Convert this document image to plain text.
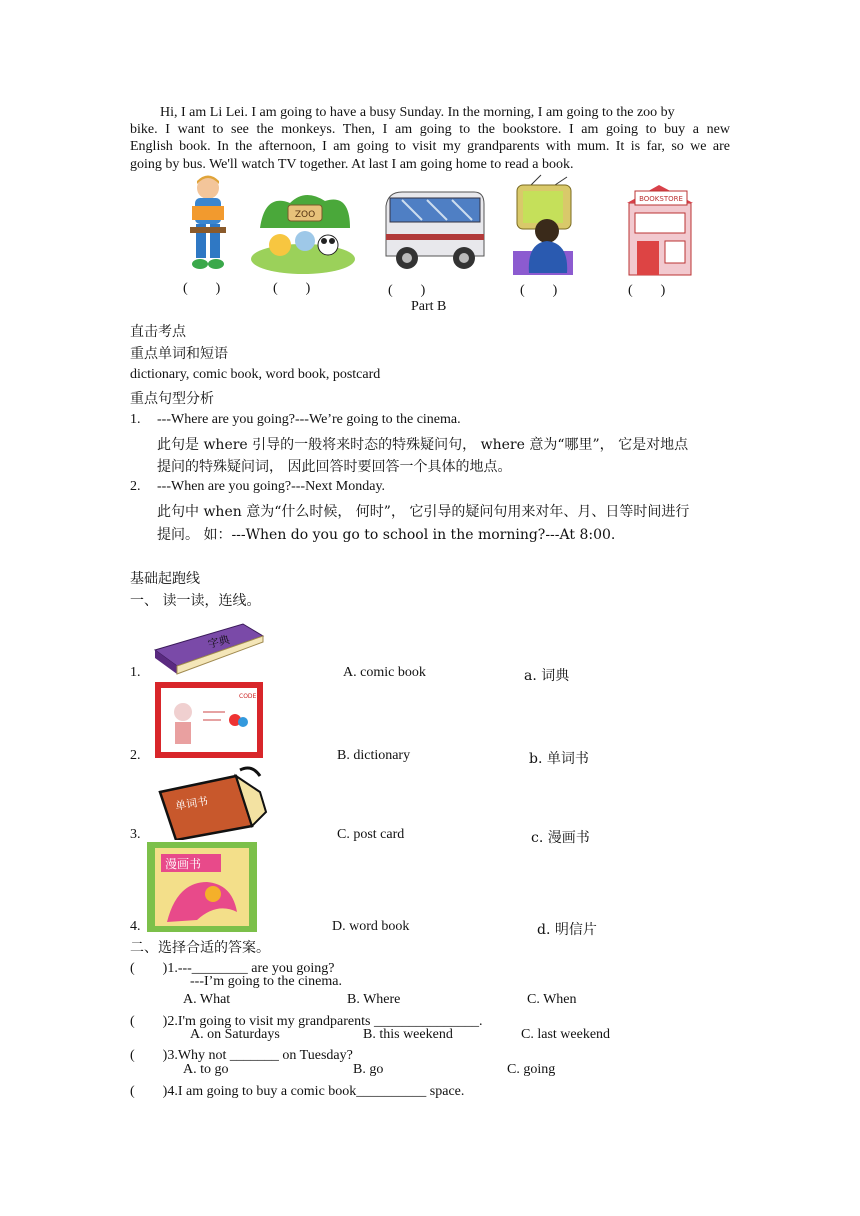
Hi, I am Li Lei. I am going to have a busy Sunday. In the morning, I am going to the zoo by
bike. I want to see the monkeys. Then, I am going to the bookstore. I am going to buy a new
English book. In the afternoon, I am going to visit my grandparents with mum. It is far, so we are
going by bus. We'll watch TV together. At last I am going home to read a book.
ZOO
BOOKSTORE
(　　)	(　　)	(　　)	(　　)	(　　)
Part B
直击考点
重点单词和短语
dictionary, comic book, word book, postcard
重点句型分析
1. ---Where are you going?---We’re going to the cinema.
此句是 where 引导的一般将来时态的特殊疑问句， where 意为“哪里”， 它是对地点
提问的特殊疑问词， 因此回答时要回答一个具体的地点。
2. ---When are you going?---Next Monday.
此句中 when 意为“什么时候， 何时”， 它引导的疑问句用来对年、月、日等时间进行
提问。 如：---When do you go to school in the morning?---At 8:00.
基础起跑线
一、 读一读，连线。
字典
CODE
单词书
漫画书
1.	A. comic book	a. 词典
2.	B. dictionary	b. 单词书
3.	C. post card	c. 漫画书
4.	D. word book	d. 明信片
二、选择合适的答案。
(　　)1.---________ are you going?
---I’m going to the cinema.
A. What	B. Where	C. When
(　　)2.I'm going to visit my grandparents _______________.
A. on Saturdays	B. this weekend	C. last weekend
(　　)3.Why not _______ on Tuesday?
A. to go	B. go	C. going
(　　)4.I am going to buy a comic book__________ space.
